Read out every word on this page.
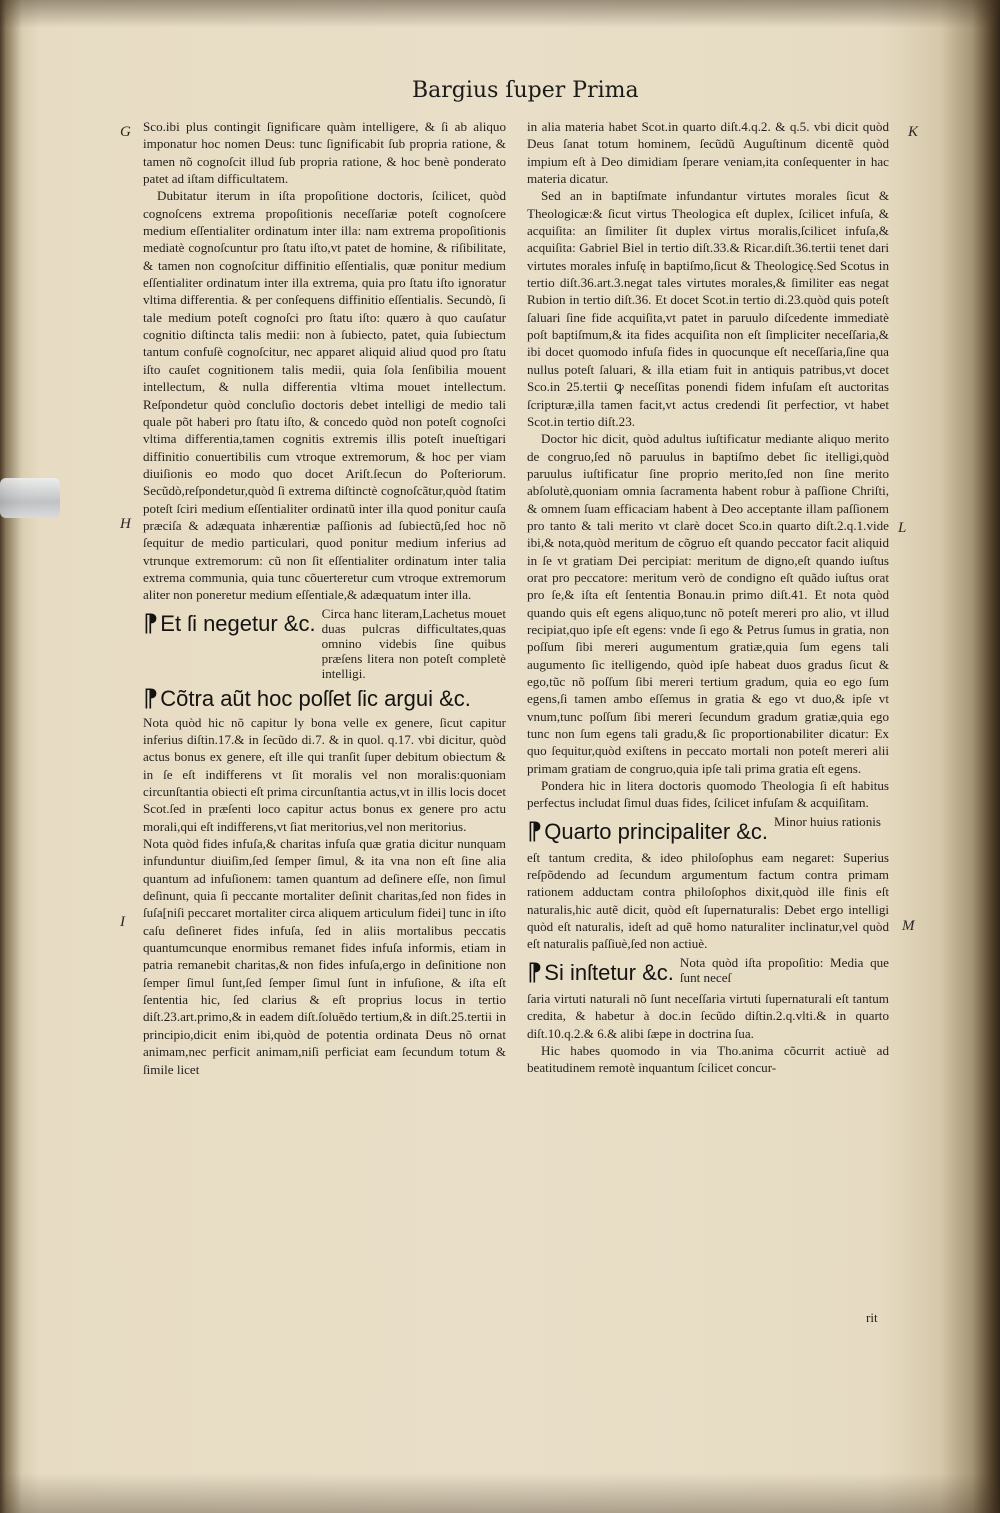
Bargius ſuper Prima
G	K
H	L
I	M

Sco.ibi plus contingit ſignificare quàm intelligere, & ſi ab aliquo imponatur hoc nomen Deus: tunc ſignificabit ſub propria ratione, & tamen nõ cognoſcit illud ſub propria ratione, & hoc benè ponderato patet ad iſtam difficultatem.

Dubitatur iterum in iſta propoſitione doctoris, ſcilicet, quòd cognoſcens extrema propoſitionis neceſſariæ poteſt cognoſcere medium eſſentialiter ordinatum inter illa: nam extrema propoſitionis mediatè cognoſcuntur pro ſtatu iſto,vt patet de homine, & riſibilitate, & tamen non cognoſcitur diffinitio eſſentialis, quæ ponitur medium eſſentialiter ordinatum inter illa extrema, quia pro ſtatu iſto ignoratur vltima differentia. & per conſequens diffinitio eſſentialis. Secundò, ſi tale medium poteſt cognoſci pro ſtatu iſto: quæro à quo cauſatur cognitio diſtincta talis medii: non à ſubiecto, patet, quia ſubiectum tantum confuſè cognoſcitur, nec apparet aliquid aliud quod pro ſtatu iſto cauſet cognitionem talis medii, quia ſola ſenſibilia mouent intellectum, & nulla differentia vltima mouet intellectum. Reſpondetur quòd concluſio doctoris debet intelligi de medio tali quale põt haberi pro ſtatu iſto, & concedo quòd non poteſt cognoſci vltima differentia,tamen cognitis extremis illis poteſt inueſtigari diffinitio conuertibilis cum vtroque extremorum, & hoc per viam diuiſionis eo modo quo docet Ariſt.ſecun do Poſteriorum. Secũdò,reſpondetur,quòd ſi extrema diſtinctè cognoſcãtur,quòd ſtatim poteſt ſciri medium eſſentialiter ordinatũ inter illa quod ponitur cauſa præciſa & adæquata inhærentiæ paſſionis ad ſubiectũ,ſed hoc nõ ſequitur de medio particulari, quod ponitur medium inferius ad vtrunque extremorum: cũ non ſit eſſentialiter ordinatum inter talia extrema communia, quia tunc cõuerteretur cum vtroque extremorum aliter non poneretur medium eſſentiale,& adæquatum inter illa.

¶Et ſi negetur &c. Circa hanc literam,Lachetus mouet duas pulcras difficultates,quas omnino videbis ſine quibus præſens litera non poteſt completè intelligi.
¶Cõtra aũt hoc poſſet ſic argui &c.

Nota quòd hic nõ capitur ly bona velle ex genere, ſicut capitur inferius diſtin.17.& in ſecũdo di.7. & in quol. q.17. vbi dicitur, quòd actus bonus ex genere, eſt ille qui tranſit ſuper debitum obiectum & in ſe eſt indifferens vt ſit moralis vel non moralis:quoniam circunſtantia obiecti eſt prima circunſtantia actus,vt in illis locis docet Scot.ſed in præſenti loco capitur actus bonus ex genere pro actu morali,qui eſt indifferens,vt ſiat meritorius,vel non meritorius.

Nota quòd fides infuſa,& charitas infuſa quæ gratia dicitur nunquam infunduntur diuiſim,ſed ſemper ſimul, & ita vna non eſt ſine alia quantum ad infuſionem: tamen quantum ad deſinere eſſe, non ſimul deſinunt, quia ſi peccante mortaliter deſinit charitas,ſed non fides in ſuſa[niſi peccaret mortaliter circa aliquem articulum fidei] tunc in iſto caſu deſineret fides infuſa, ſed in aliis mortalibus peccatis quantumcunque enormibus remanet fides infuſa informis, etiam in patria remanebit charitas,& non fides infuſa,ergo in deſinitione non ſemper ſimul ſunt,ſed ſemper ſimul ſunt in infuſione, & iſta eſt ſententia hic, ſed clarius & eſt proprius locus in tertio diſt.23.art.primo,& in eadem diſt.ſoluẽdo tertium,& in diſt.25.tertii in principio,dicit enim ibi,quòd de potentia ordinata Deus nõ ornat animam,nec perficit animam,niſi perficiat eam ſecundum totum & ſimile licet

in alia materia habet Scot.in quarto diſt.4.q.2. & q.5. vbi dicit quòd Deus ſanat totum hominem, ſecũdũ Auguſtinum dicentẽ quòd impium eſt à Deo dimidiam ſperare veniam,ita conſequenter in hac materia dicatur.

Sed an in baptiſmate infundantur virtutes morales ſicut & Theologicæ:& ſicut virtus Theologica eſt duplex, ſcilicet infuſa, & acquiſita: an ſimiliter ſit duplex virtus moralis,ſcilicet infuſa,& acquiſita: Gabriel Biel in tertio diſt.33.& Ricar.diſt.36.tertii tenet dari virtutes morales infuſę in baptiſmo,ſicut & Theologicę.Sed Scotus in tertio diſt.36.art.3.negat tales virtutes morales,& ſimiliter eas negat Rubion in tertio diſt.36. Et docet Scot.in tertio di.23.quòd quis poteſt ſaluari ſine fide acquiſita,vt patet in paruulo diſcedente immediatè poſt baptiſmum,& ita fides acquiſita non eſt ſimpliciter neceſſaria,& ibi docet quomodo infuſa fides in quocunque eſt neceſſaria,ſine qua nullus poteſt ſaluari, & illa etiam fuit in antiquis patribus,vt docet Sco.in 25.tertii ꝙ neceſſitas ponendi fidem infuſam eſt auctoritas ſcripturæ,illa tamen facit,vt actus credendi ſit perfectior, vt habet Scot.in tertio diſt.23.

Doctor hic dicit, quòd adultus iuſtificatur mediante aliquo merito de congruo,ſed nõ paruulus in baptiſmo debet ſic itelligi,quòd paruulus iuſtificatur ſine proprio merito,ſed non ſine merito abſolutè,quoniam omnia ſacramenta habent robur à paſſione Chriſti, & omnem ſuam efficaciam habent à Deo acceptante illam paſſionem pro tanto & tali merito vt clarè docet Sco.in quarto diſt.2.q.1.vide ibi,& nota,quòd meritum de cõgruo eſt quando peccator facit aliquid in ſe vt gratiam Dei percipiat: meritum de digno,eſt quando iuſtus orat pro peccatore: meritum verò de condigno eſt quãdo iuſtus orat pro ſe,& iſta eſt ſententia Bonau.in primo diſt.41. Et nota quòd quando quis eſt egens aliquo,tunc nõ poteſt mereri pro alio, vt illud recipiat,quo ipſe eſt egens: vnde ſi ego & Petrus ſumus in gratia, non poſſum ſibi mereri augumentum gratiæ,quia ſum egens tali augumento ſic itelligendo, quòd ipſe habeat duos gradus ſicut & ego,tũc nõ poſſum ſibi mereri tertium gradum, quia eo ego ſum egens,ſi tamen ambo eſſemus in gratia & ego vt duo,& ipſe vt vnum,tunc poſſum ſibi mereri ſecundum gradum gratiæ,quia ego tunc non ſum egens tali gradu,& ſic proportionabiliter dicatur: Ex quo ſequitur,quòd exiſtens in peccato mortali non poteſt mereri alii primam gratiam de congruo,quia ipſe tali prima gratia eſt egens.

Pondera hic in litera doctoris quomodo Theologia ſi eſt habitus perfectus includat ſimul duas fides, ſcilicet infuſam & acquiſitam.

¶Quarto principaliter &c. Minor huius rationis

eſt tantum credita, & ideo philoſophus eam negaret: Superius reſpõdendo ad ſecundum argumentum factum contra primam rationem adductam contra philoſophos dixit,quòd ille finis eſt naturalis,hic autẽ dicit, quòd eſt ſupernaturalis: Debet ergo intelligi quòd eſt naturalis, ideſt ad quẽ homo naturaliter inclinatur,vel quòd eſt naturalis paſſiuè,ſed non actiuè.

¶Si inſtetur &c. Nota quòd iſta propoſitio: Media que ſunt neceſ

ſaria virtuti naturali nõ ſunt neceſſaria virtuti ſupernaturali eſt tantum credita, & habetur à doc.in ſecũdo diſtin.2.q.vlti.& in quarto diſt.10.q.2.& 6.& alibi ſæpe in doctrina ſua.

Hic habes quomodo in via Tho.anima cõcurrit actiuè ad beatitudinem remotè inquantum ſcilicet concur-

rit
